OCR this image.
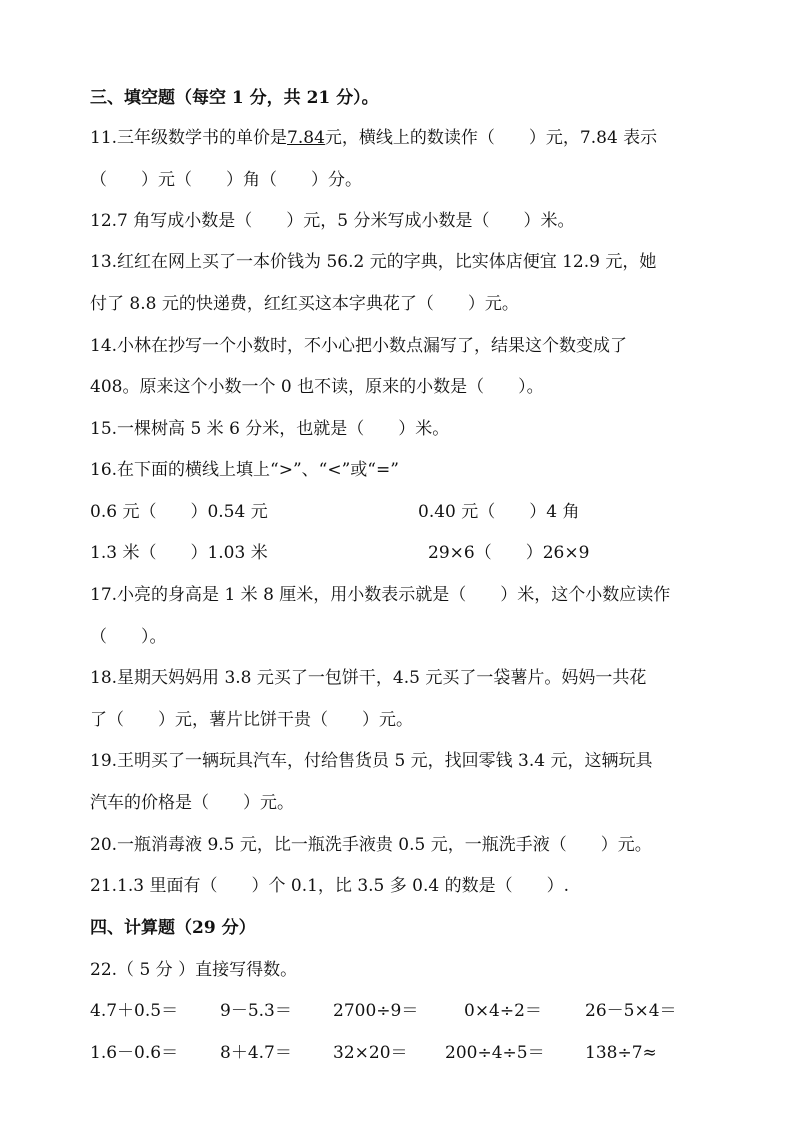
三、填空题（每空 1 分，共 21 分）。
11.三年级数学书的单价是7.84元，横线上的数读作（　　）元，7.84 表示
（　　）元（　　）角（　　）分。
12.7 角写成小数是（　　）元，5 分米写成小数是（　　）米。
13.红红在网上买了一本价钱为 56.2 元的字典，比实体店便宜 12.9 元，她
付了 8.8 元的快递费，红红买这本字典花了（　　）元。
14.小林在抄写一个小数时，不小心把小数点漏写了，结果这个数变成了
408。原来这个小数一个 0 也不读，原来的小数是（　　）。
15.一棵树高 5 米 6 分米，也就是（　　）米。
16.在下面的横线上填上“>”、“<”或“=”
0.6 元（　　）0.54 元	0.40 元（　　）4 角
1.3 米（　　）1.03 米	29×6（　　）26×9
17.小亮的身高是 1 米 8 厘米，用小数表示就是（　　）米，这个小数应读作
（　　）。
18.星期天妈妈用 3.8 元买了一包饼干，4.5 元买了一袋薯片。妈妈一共花
了（　　）元，薯片比饼干贵（　　）元。
19.王明买了一辆玩具汽车，付给售货员 5 元，找回零钱 3.4 元，这辆玩具
汽车的价格是（　　）元。
20.一瓶消毒液 9.5 元，比一瓶洗手液贵 0.5 元，一瓶洗手液（　　）元。
21.1.3 里面有（　　）个 0.1，比 3.5 多 0.4 的数是（　　）.
四、计算题（29 分）
22.（ 5 分 ）直接写得数。
4.7＋0.5＝ 9－5.3＝ 2700÷9＝	0×4÷2＝	26－5×4＝
1.6－0.6＝ 8＋4.7＝ 32×20＝ 200÷4÷5＝ 138÷7≈
